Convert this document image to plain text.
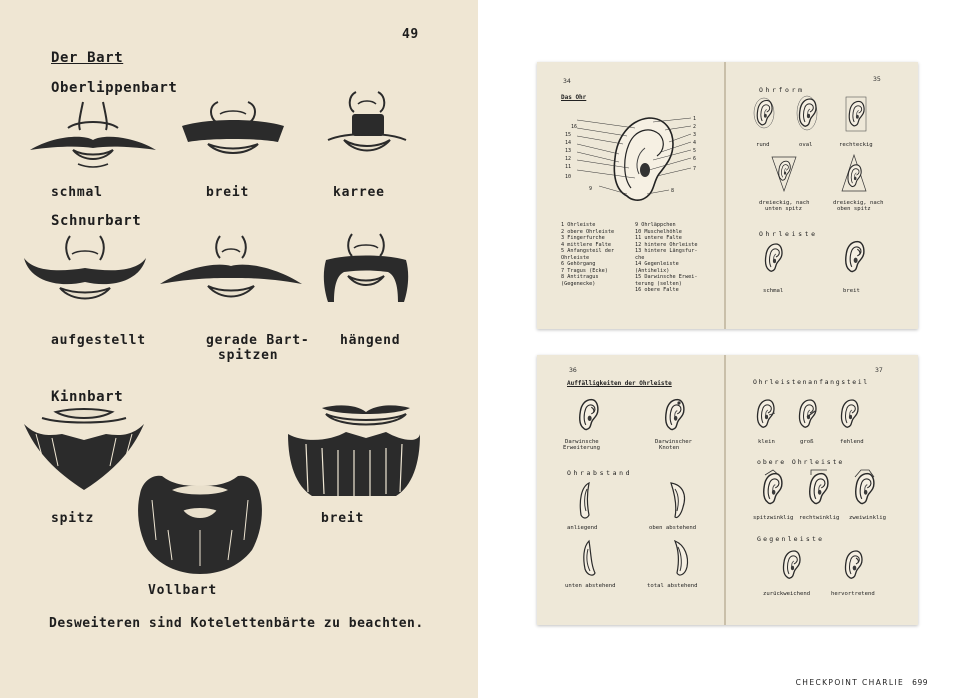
49
Der Bart
Oberlippenbart
schmal	breit	karree
Schnurbart
aufgestellt	gerade Bart-
spitzen
hängend
Kinnbart
spitz	breit
Vollbart
Desweiteren sind Kotelettenbärte zu beachten.
34
Das Ohr
16
15
14
13
12
11
10
9
1
2
3
4
5
6
7
8
1 Ohrleiste
2 obere Ohrleiste
3 Fingerfurche
4 mittlere Falte
5 Anfangsteil der
Ohrleiste
6 Gehörgang
7 Tragus (Ecke)
8 Antitragus
(Gegenecke)
9 Ohrläppchen
10 Muschelhöhle
11 untere Falte
12 hintere Ohrleiste
13 hintere Längsfur-
che
14 Gegenleiste
(Antihelix)
15 Darwinsche Erwei-
terung (selten)
16 obere Falte
35
Ohrform
rund	oval	rechteckig
dreieckig, nach
unten spitz
dreieckig, nach
oben spitz
Ohrleiste
schmal	breit
36
Auffälligkeiten der Ohrleiste
Darwinsche
Erweiterung
Darwinscher
Knoten
Ohrabstand
anliegend	oben abstehend
unten abstehend	total abstehend
37
Ohrleistenanfangsteil
klein	groß	fehlend
obere Ohrleiste
spitzwinklig rechtwinklig zweiwinklig
Gegenleiste
zurückweichend	hervortretend
CHECKPOINT CHARLIE 699
